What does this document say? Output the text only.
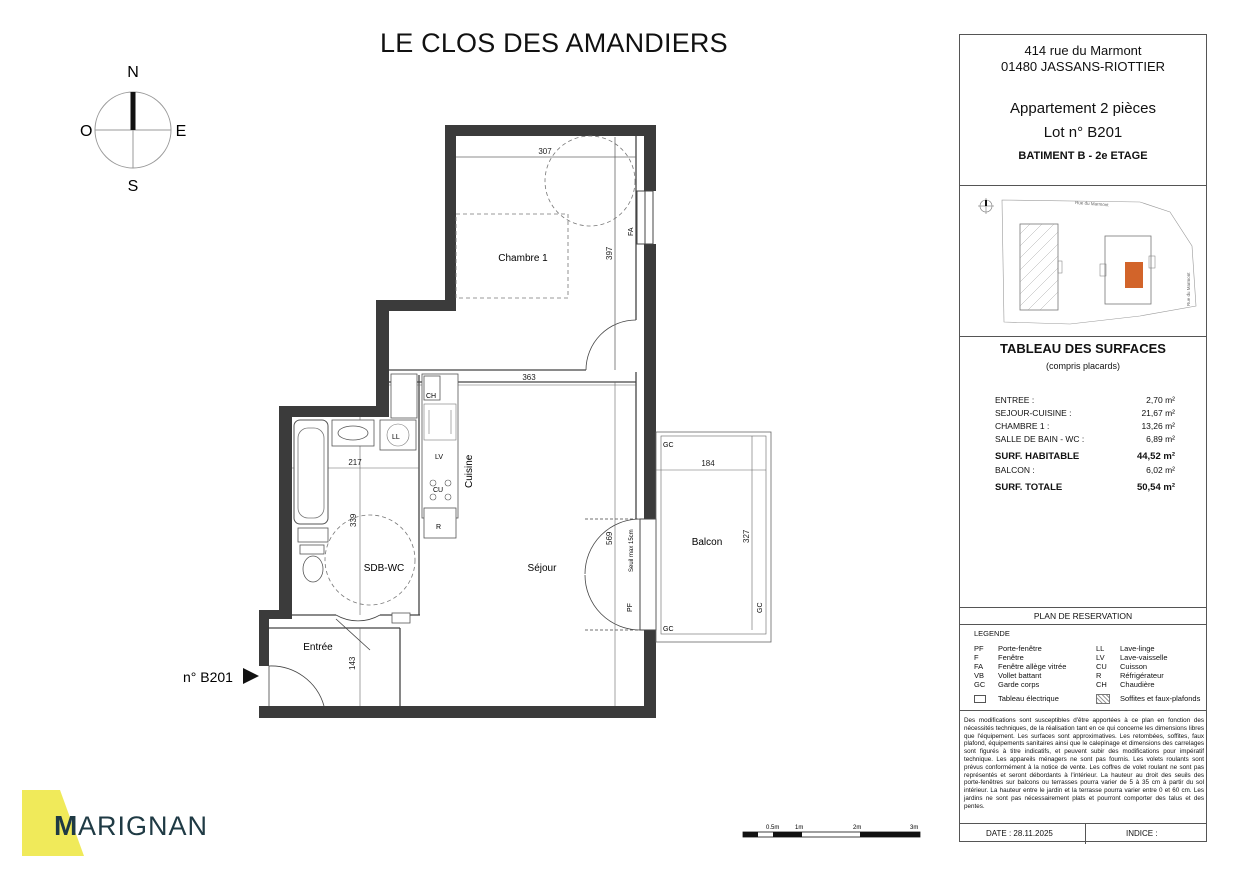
LE CLOS DES AMANDIERS
N
S
E
O
FA
Seuil max 15cm
PF
LL
CH
LV
CU
R
GC
GC
GC
Chambre 1
Séjour
Cuisine
SDB-WC
Entrée
Balcon
307
397
363
217
339
569
184
327
143
n° B201
M ARIGNAN	0.5m	1m	2m	3m
414 rue du Marmont
01480 JASSANS-RIOTTIER
Appartement 2 pièces
Lot n° B201
BATIMENT B - 2e ETAGE
Rue du Marmont
Rue du Marmont
TABLEAU DES SURFACES
(compris placards)
ENTREE :	2,70 m²
SEJOUR-CUISINE :	21,67 m²
CHAMBRE 1 :	13,26 m²
SALLE DE BAIN - WC :	6,89 m²
SURF. HABITABLE	44,52 m²
BALCON :	6,02 m²
SURF. TOTALE	50,54 m²
PLAN DE RESERVATION
LEGENDE
PF Porte-fenêtre
F	Fenêtre
FA Fenêtre allège vitrée
VB Vollet battant
GC Garde corps
LL Lave-linge
LV Lave-vaisselle
CU Cuisson
R Réfrigérateur
CH Chaudière
Tableau électrique	Soffites et faux-plafonds
Des modifications sont susceptibles d'être apportées à ce plan en fonction des nécessités techniques, de la réalisation tant en ce qui concerne les dimensions libres que l'équipement. Les surfaces sont approximatives. Les retombées, soffites, faux plafond, équipements sanitaires ainsi que le calepinage et dimensions des carrelages sont figurés à titre indicatifs, et peuvent subir des modifications pour impératif technique. Les appareils ménagers ne sont pas fournis. Les volets roulants sont prévus conformément à la notice de vente. Les coffres de volet roulant ne sont pas représentés et seront débordants à l'intérieur. La hauteur au droit des seuils des porte-fenêtres sur balcons ou terrasses pourra varier de 5 à 35 cm à partir du sol intérieur. La hauteur entre le jardin et la terrasse pourra varier entre 0 et 60 cm. Les jardins ne sont pas nécessairement plats et pourront comporter des talus et des pentes.
DATE : 28.11.2025	INDICE :
